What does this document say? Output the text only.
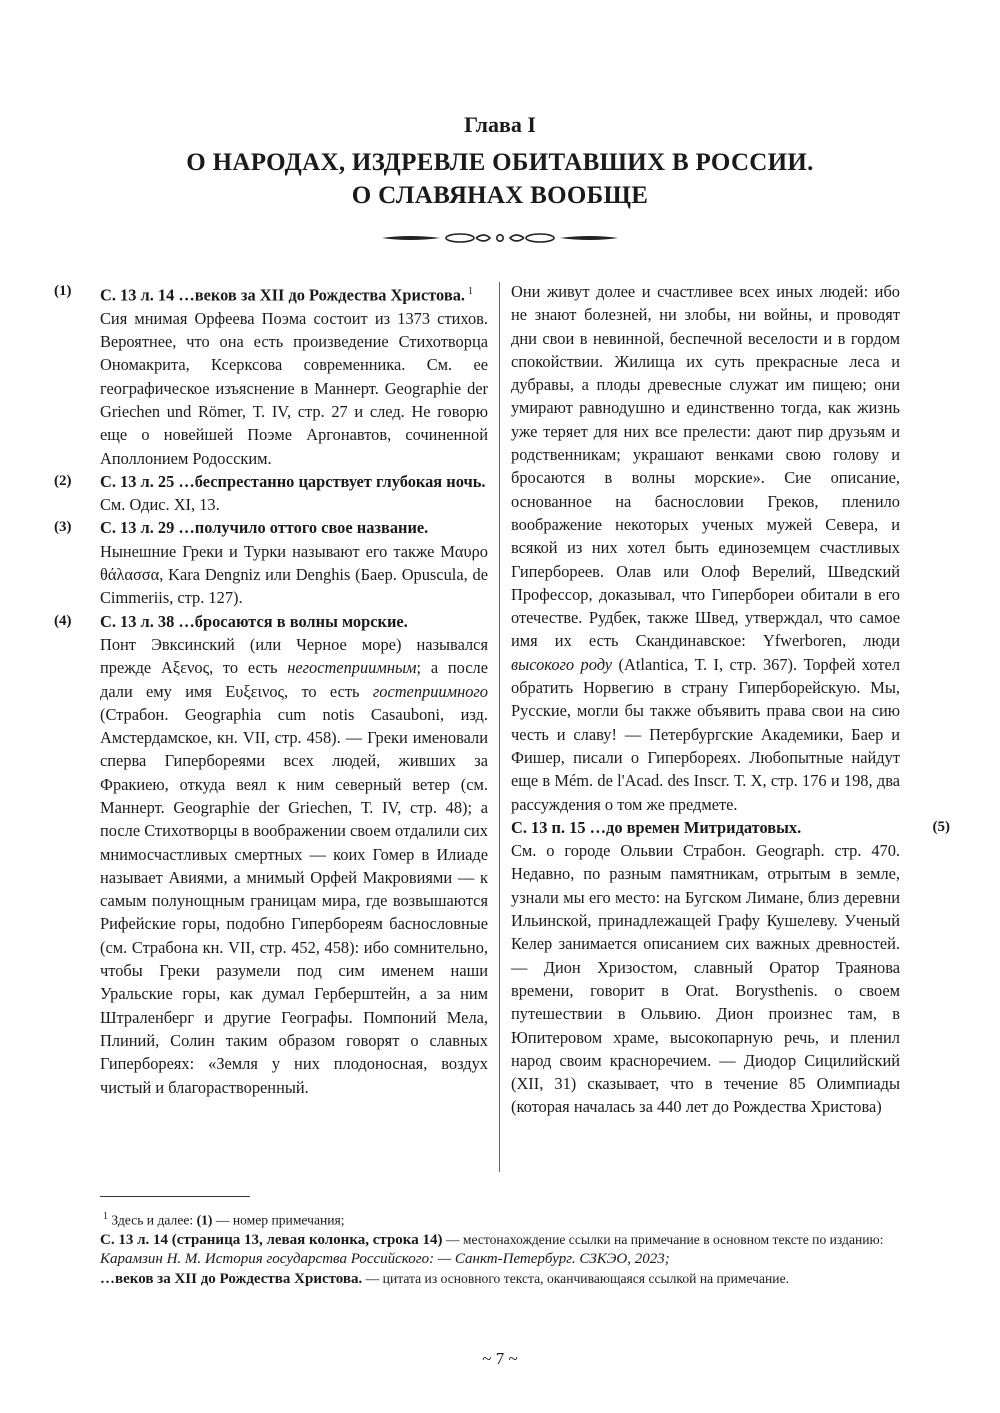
Глава I
О НАРОДАХ, ИЗДРЕВЛЕ ОБИТАВШИХ В РОССИИ.
О СЛАВЯНАХ ВООБЩЕ
(1) С. 13 л. 14 …веков за XII до Рождества Христова. $^1$
Сия мнимая Орфеева Поэма состоит из 1373 стихов. Вероятнее, что она есть произведение Стихотворца Ономакрита, Ксерксова современника. См. ее географическое изъяснение в Маннерт. Geographie der Griechen und Römer, Т. IV, стр. 27 и след. Не говорю еще о новейшей Поэме Аргонавтов, сочиненной Аполлонием Родосским.
(2) С. 13 л. 25 …беспрестанно царствует глубокая ночь.
См. Одис. XI, 13.
(3) С. 13 л. 29 …получило оттого свое название.
Нынешние Греки и Турки называют его также Μαυρο θάλασσα, Kara Dengniz или Denghis (Баер. Opuscula, de Cimmeriis, стр. 127).
(4) С. 13 л. 38 …бросаются в волны морские.
Понт Эвксинский (или Черное море) назывался прежде Αξενος, то есть негостеприимным; а после дали ему имя Ευξεινος, то есть гостеприимного (Страбон. Geographia cum notis Casauboni, изд. Амстердамское, кн. VII, стр. 458). — Греки именовали сперва Гипербореями всех людей, живших за Фракиею, откуда веял к ним северный ветер (см. Маннерт. Geographie der Griechen, Т. IV, стр. 48); а после Стихотворцы в воображении своем отдалили сих мнимосчастливых смертных — коих Гомер в Илиаде называет Авиями, а мнимый Орфей Макровиями — к самым полунощным границам мира, где возвышаются Рифейские горы, подобно Гипербореям баснословные (см. Страбона кн. VII, стр. 452, 458): ибо сомнительно, чтобы Греки разумели под сим именем наши Уральские горы, как думал Герберштейн, а за ним Штраленберг и другие Географы. Помпоний Мела, Плиний, Солин таким образом говорят о славных Гипербореях: «Земля у них плодоносная, воздух чистый и благорастворенный.
Они живут долее и счастливее всех иных людей: ибо не знают болезней, ни злобы, ни войны, и проводят дни свои в невинной, беспечной веселости и в гордом спокойствии. Жилища их суть прекрасные леса и дубравы, а плоды древесные служат им пищею; они умирают равнодушно и единственно тогда, как жизнь уже теряет для них все прелести: дают пир друзьям и родственникам; украшают венками свою голову и бросаются в волны морские». Сие описание, основанное на баснословии Греков, пленило воображение некоторых ученых мужей Севера, и всякой из них хотел быть единоземцем счастливых Гипербореев. Олав или Олоф Верелий, Шведский Профессор, доказывал, что Гипербореи обитали в его отечестве. Рудбек, также Швед, утверждал, что самое имя их есть Скандинавское: Yfwerboren, люди высокого роду (Atlantica, Т. I, стр. 367). Торфей хотел обратить Норвегию в страну Гиперборейскую. Мы, Русские, могли бы также объявить права свои на сию честь и славу! — Петербургские Академики, Баер и Фишер, писали о Гипербореях. Любопытные найдут еще в Mém. de l'Acad. des Inscr. Т. X, стр. 176 и 198, два рассуждения о том же предмете.
(5)
С. 13 п. 15 …до времен Митридатовых.
См. о городе Ольвии Страбон. Geograph. стр. 470. Недавно, по разным памятникам, отрытым в земле, узнали мы его место: на Бугском Лимане, близ деревни Ильинской, принадлежащей Графу Кушелеву. Ученый Келер занимается описанием сих важных древностей. — Дион Хризостом, славный Оратор Траянова времени, говорит в Orat. Borysthenis. о своем путешествии в Ольвию. Дион произнес там, в Юпитеровом храме, высокопарную речь, и пленил народ своим красноречием. — Диодор Сицилийский (XII, 31) сказывает, что в течение 85 Олимпиады (которая началась за 440 лет до Рождества Христова)
$^1$ Здесь и далее: (1) — номер примечания;
С. 13 л. 14 (страница 13, левая колонка, строка 14) — местонахождение ссылки на примечание в основном тексте по изданию:
Карамзин Н. М. История государства Российского: — Санкт-Петербург. СЗКЭО, 2023;
…веков за XII до Рождества Христова. — цитата из основного текста, оканчивающаяся ссылкой на примечание.
~ 7 ~
